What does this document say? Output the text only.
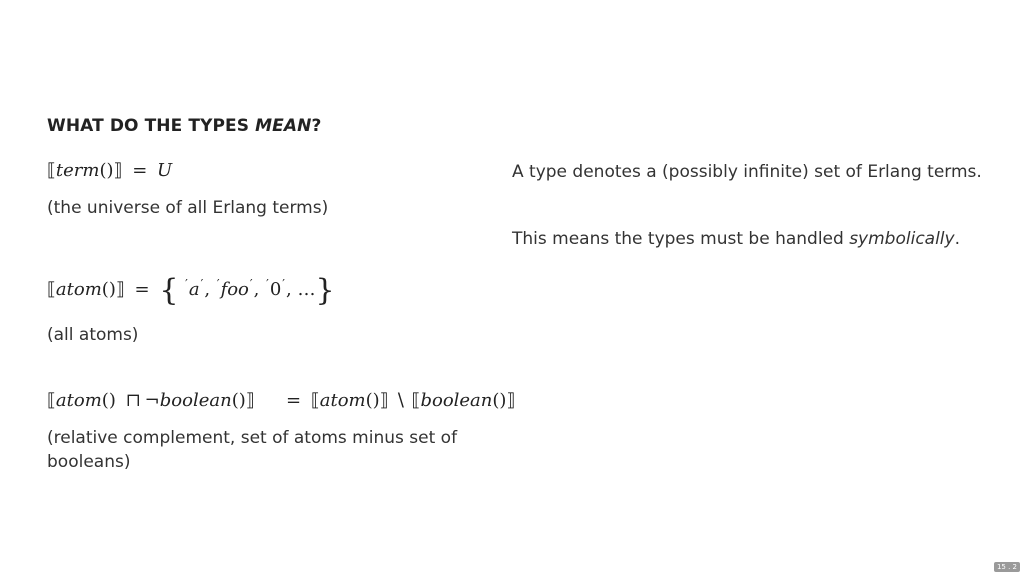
WHAT DO THE TYPES MEAN?
⟦term()⟧ = U
(the universe of all Erlang terms)
⟦atom()⟧ = { ′a′, ′foo′, ′0′, …}
(all atoms)
⟦atom() ⊓ ¬boolean()⟧ = ⟦atom()⟧ ∖ ⟦boolean()⟧
(relative complement, set of atoms minus set of booleans)
A type denotes a (possibly infinite) set of Erlang terms.
This means the types must be handled symbolically.
15 . 2
